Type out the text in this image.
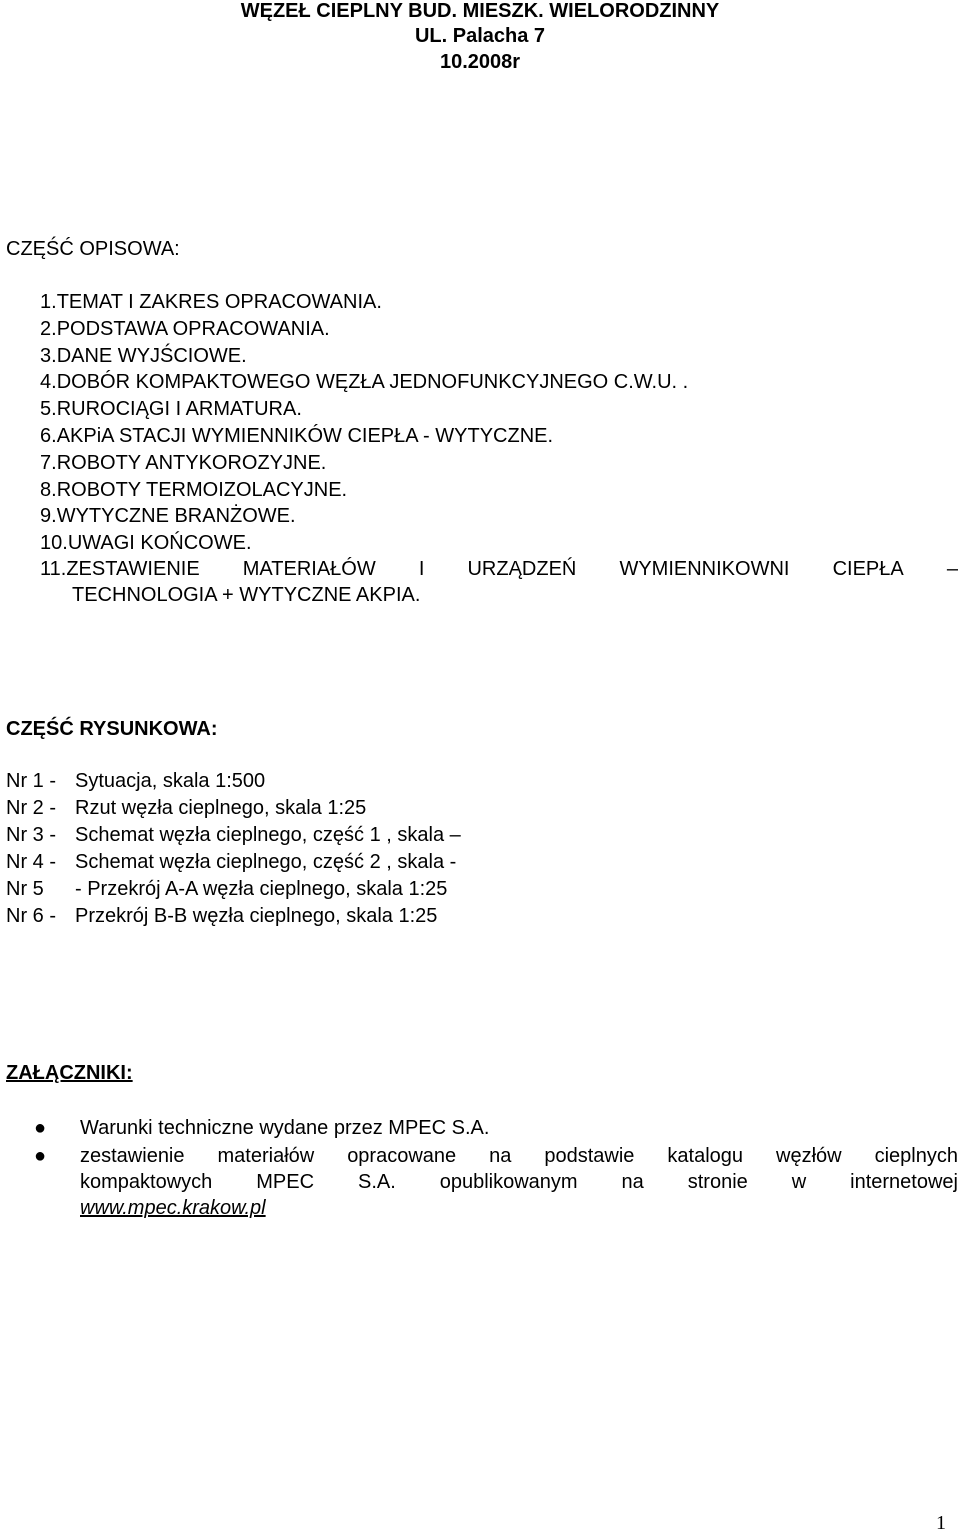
WĘZEŁ CIEPLNY BUD. MIESZK. WIELORODZINNY
UL. Palacha 7
10.2008r
CZĘŚĆ OPISOWA:
1.TEMAT I ZAKRES OPRACOWANIA.
2.PODSTAWA OPRACOWANIA.
3.DANE WYJŚCIOWE.
4.DOBÓR KOMPAKTOWEGO WĘZŁA JEDNOFUNKCYJNEGO C.W.U. .
5.RUROCIĄGI I ARMATURA.
6.AKPiA STACJI WYMIENNIKÓW CIEPŁA - WYTYCZNE.
7.ROBOTY ANTYKOROZYJNE.
8.ROBOTY TERMOIZOLACYJNE.
9.WYTYCZNE BRANŻOWE.
10.UWAGI KOŃCOWE.
11.ZESTAWIENIE MATERIAŁÓW I URZĄDZEŃ WYMIENNIKOWNI CIEPŁA –
TECHNOLOGIA + WYTYCZNE AKPIA.
CZĘŚĆ RYSUNKOWA:
Nr 1 - Sytuacja, skala 1:500
Nr 2 - Rzut węzła cieplnego, skala 1:25
Nr 3 - Schemat węzła cieplnego, część 1 , skala –
Nr 4 - Schemat węzła cieplnego, część 2 , skala -
Nr 5 - Przekrój A-A węzła cieplnego, skala 1:25
Nr 6 - Przekrój B-B węzła cieplnego, skala 1:25
ZAŁĄCZNIKI:
● Warunki techniczne wydane przez MPEC S.A.
● zestawienie materiałów opracowane na podstawie katalogu węzłów cieplnych
kompaktowych MPEC S.A. opublikowanym na stronie w internetowej
www.mpec.krakow.pl
1
